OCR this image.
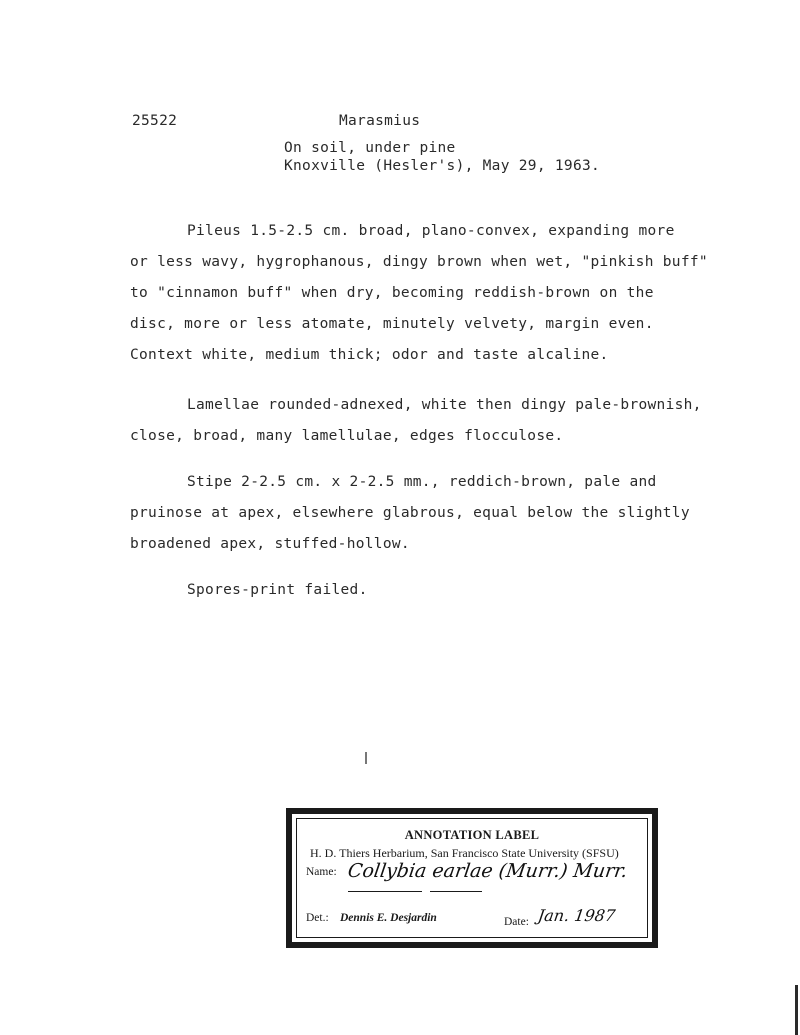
25522	Marasmius
On soil, under pine
Knoxville (Hesler's), May 29, 1963.
Pileus 1.5-2.5 cm. broad, plano-convex, expanding more
or less wavy, hygrophanous, dingy brown when wet, "pinkish buff"
to "cinnamon buff" when dry, becoming reddish-brown on the
disc, more or less atomate, minutely velvety, margin even.
Context white, medium thick; odor and taste alcaline.
Lamellae rounded-adnexed, white then dingy pale-brownish,
close, broad, many lamellulae, edges flocculose.
Stipe 2-2.5 cm. x 2-2.5 mm., reddich-brown, pale and
pruinose at apex, elsewhere glabrous, equal below the slightly
broadened apex, stuffed-hollow.
Spores-print failed.
ANNOTATION LABEL
H. D. Thiers Herbarium, San Francisco State University (SFSU)
Name: Collybia earlae (Murr.) Murr.
Det.: Dennis E. Desjardin	Date: Jan. 1987
